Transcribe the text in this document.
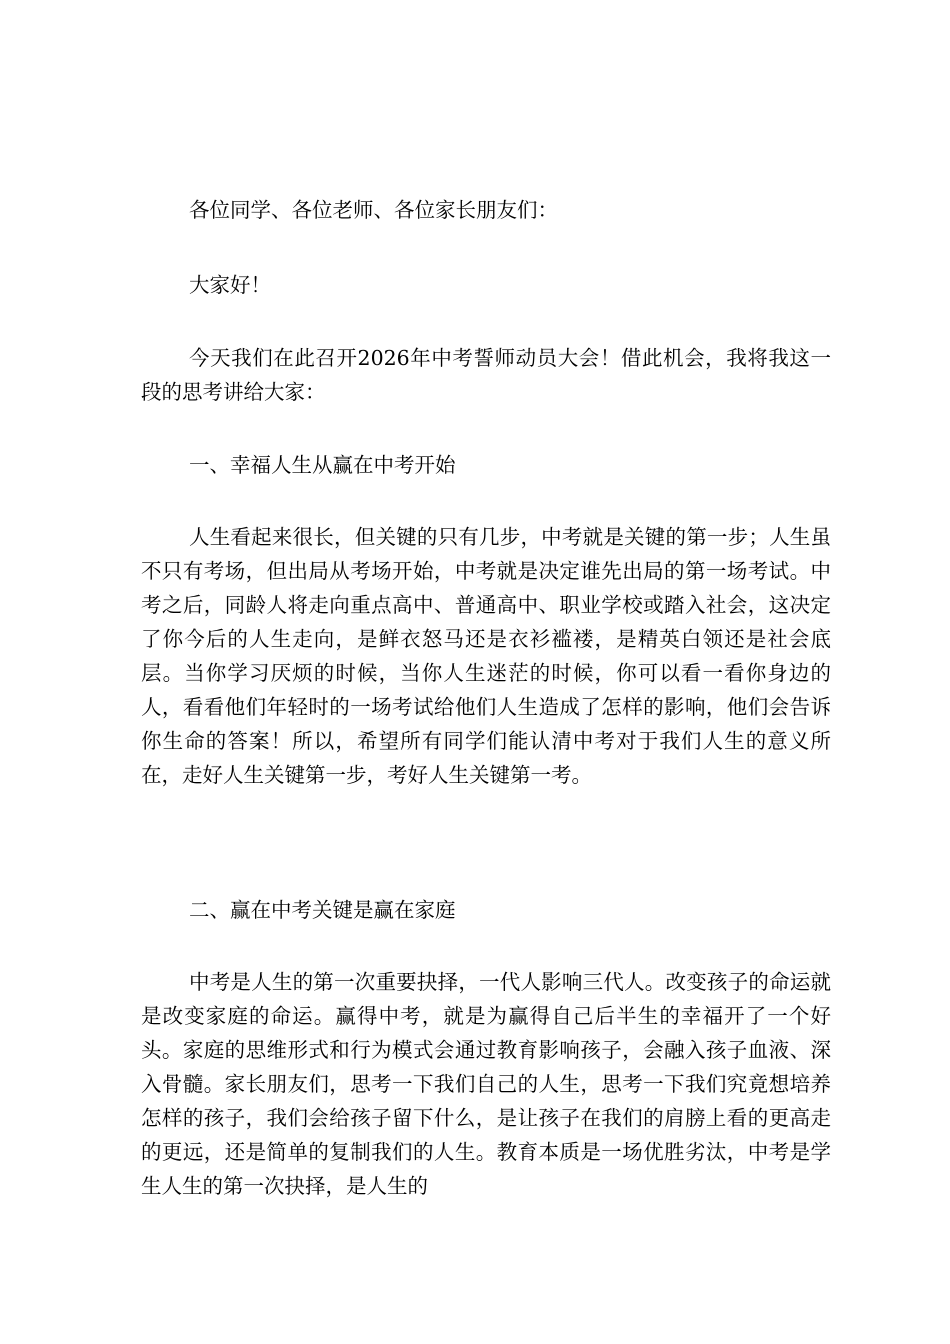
各位同学、各位老师、各位家长朋友们：

大家好！

今天我们在此召开2026年中考誓师动员大会！借此机会，我将我这一段的思考讲给大家：

一、幸福人生从赢在中考开始

人生看起来很长，但关键的只有几步，中考就是关键的第一步；人生虽不只有考场，但出局从考场开始，中考就是决定谁先出局的第一场考试。中考之后，同龄人将走向重点高中、普通高中、职业学校或踏入社会，这决定了你今后的人生走向，是鲜衣怒马还是衣衫褴褛，是精英白领还是社会底层。当你学习厌烦的时候，当你人生迷茫的时候，你可以看一看你身边的人，看看他们年轻时的一场考试给他们人生造成了怎样的影响，他们会告诉你生命的答案！所以，希望所有同学们能认清中考对于我们人生的意义所在，走好人生关键第一步，考好人生关键第一考。

二、赢在中考关键是赢在家庭

中考是人生的第一次重要抉择，一代人影响三代人。改变孩子的命运就是改变家庭的命运。赢得中考，就是为赢得自己后半生的幸福开了一个好头。家庭的思维形式和行为模式会通过教育影响孩子，会融入孩子血液、深入骨髓。家长朋友们，思考一下我们自己的人生，思考一下我们究竟想培养怎样的孩子，我们会给孩子留下什么，是让孩子在我们的肩膀上看的更高走的更远，还是简单的复制我们的人生。教育本质是一场优胜劣汰，中考是学生人生的第一次抉择，是人生的
